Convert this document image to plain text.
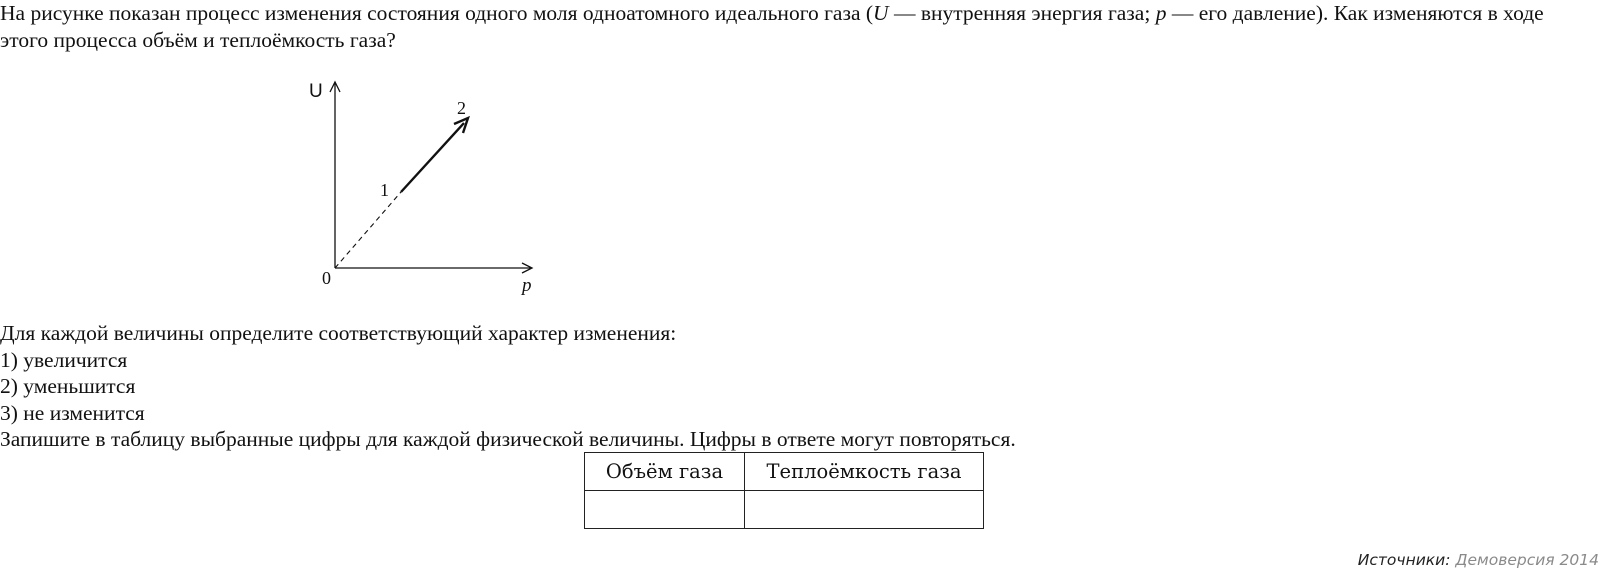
На рисунке показан процесс изменения состояния одного моля одноатомного идеального газа (U — внутренняя энергия газа; p — его давление). Как изменяются в ходе этого процесса объём и теплоёмкость газа?

U
p
0
1
2

Для каждой величины определите соответствующий характер изменения:

1) увеличится

2) уменьшится

3) не изменится

Запишите в таблицу выбранные цифры для каждой физической величины. Цифры в ответе могут повторяться.

Объём газа	Теплоёмкость газа

Источники: Демоверсия 2014
